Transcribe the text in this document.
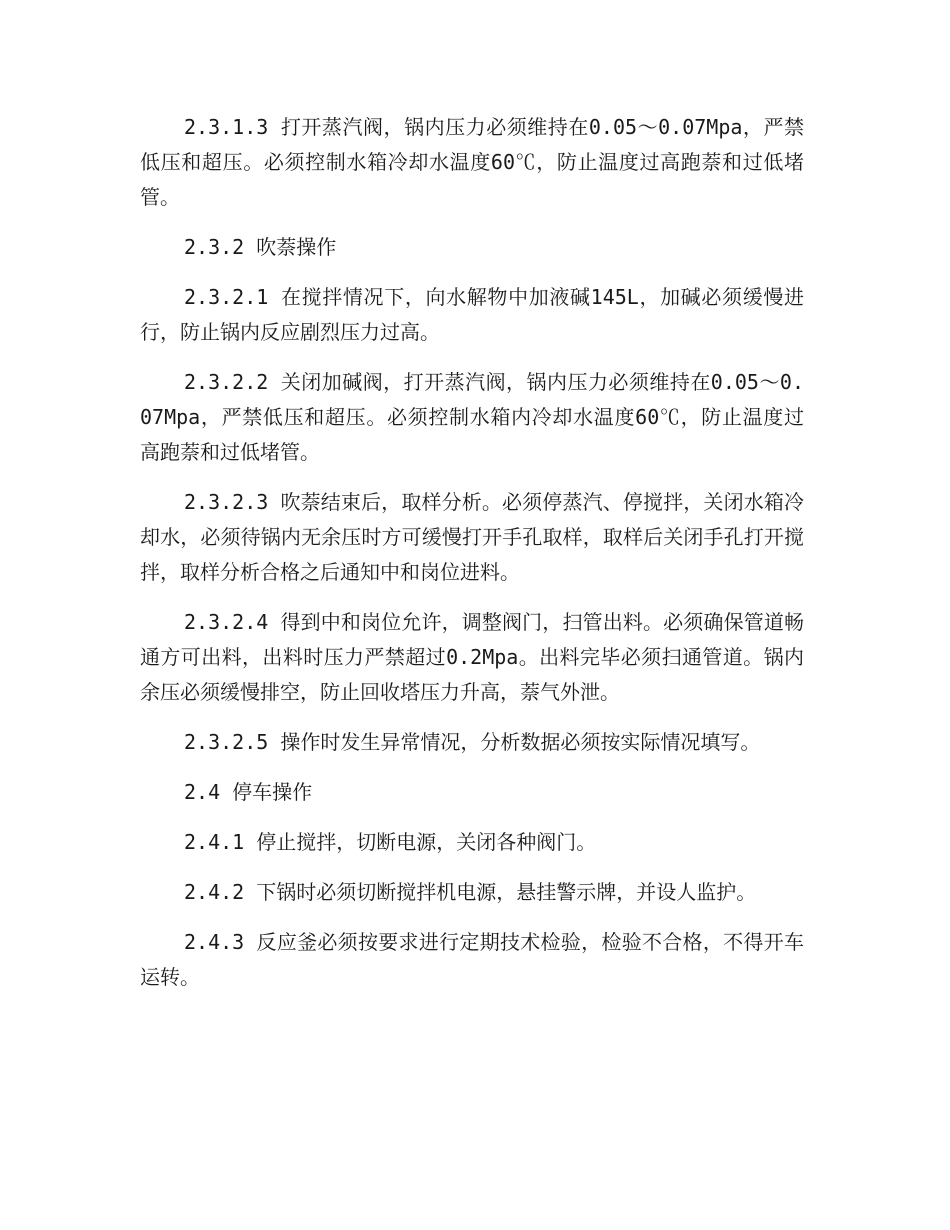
2.3.1.3 打开蒸汽阀，锅内压力必须维持在0.05～0.07Mpa，严禁低压和超压。必须控制水箱冷却水温度60℃，防止温度过高跑萘和过低堵管。

2.3.2 吹萘操作

2.3.2.1 在搅拌情况下，向水解物中加液碱145L，加碱必须缓慢进行，防止锅内反应剧烈压力过高。

2.3.2.2 关闭加碱阀，打开蒸汽阀，锅内压力必须维持在0.05～0.07Mpa，严禁低压和超压。必须控制水箱内冷却水温度60℃，防止温度过高跑萘和过低堵管。

2.3.2.3 吹萘结束后，取样分析。必须停蒸汽、停搅拌，关闭水箱冷却水，必须待锅内无余压时方可缓慢打开手孔取样，取样后关闭手孔打开搅拌，取样分析合格之后通知中和岗位进料。

2.3.2.4 得到中和岗位允许，调整阀门，扫管出料。必须确保管道畅通方可出料，出料时压力严禁超过0.2Mpa。出料完毕必须扫通管道。锅内余压必须缓慢排空，防止回收塔压力升高，萘气外泄。

2.3.2.5 操作时发生异常情况，分析数据必须按实际情况填写。

2.4 停车操作

2.4.1 停止搅拌，切断电源，关闭各种阀门。

2.4.2 下锅时必须切断搅拌机电源，悬挂警示牌，并设人监护。

2.4.3 反应釜必须按要求进行定期技术检验，检验不合格，不得开车运转。
